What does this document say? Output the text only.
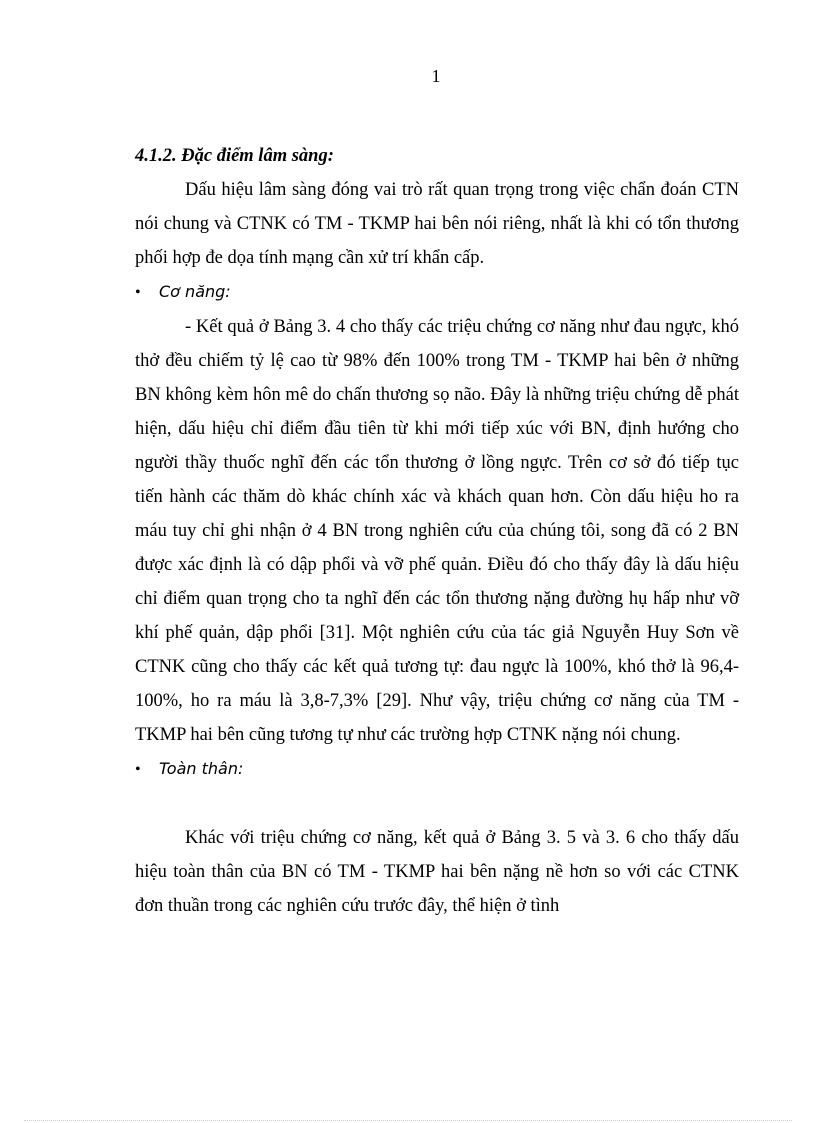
1
4.1.2. Đặc điểm lâm sàng:

Dấu hiệu lâm sàng đóng vai trò rất quan trọng trong việc chẩn đoán CTN nói chung và CTNK có TM - TKMP hai bên nói riêng, nhất là khi có tổn thương phối hợp đe dọa tính mạng cần xử trí khẩn cấp.

•	Cơ năng:

- Kết quả ở Bảng 3. 4 cho thấy các triệu chứng cơ năng như đau ngực, khó thở đều chiếm tỷ lệ cao từ 98% đến 100% trong TM - TKMP hai bên ở những BN không kèm hôn mê do chấn thương sọ não. Đây là những triệu chứng dễ phát hiện, dấu hiệu chỉ điểm đầu tiên từ khi mới tiếp xúc với BN, định hướng cho người thầy thuốc nghĩ đến các tổn thương ở lồng ngực. Trên cơ sở đó tiếp tục tiến hành các thăm dò khác chính xác và khách quan hơn. Còn dấu hiệu ho ra máu tuy chỉ ghi nhận ở 4 BN trong nghiên cứu của chúng tôi, song đã có 2 BN được xác định là có dập phổi và vỡ phế quản. Điều đó cho thấy đây là dấu hiệu chỉ điểm quan trọng cho ta nghĩ đến các tổn thương nặng đường hụ hấp như vỡ khí phế quản, dập phổi [31]. Một nghiên cứu của tác giả Nguyễn Huy Sơn về CTNK cũng cho thấy các kết quả tương tự: đau ngực là 100%, khó thở là 96,4-100%, ho ra máu là 3,8-7,3% [29]. Như vậy, triệu chứng cơ năng của TM - TKMP hai bên cũng tương tự như các trường hợp CTNK nặng nói chung.

•	Toàn thân:

Khác với triệu chứng cơ năng, kết quả ở Bảng 3. 5 và 3. 6 cho thấy dấu hiệu toàn thân của BN có TM - TKMP hai bên nặng nề hơn so với các CTNK đơn thuần trong các nghiên cứu trước đây, thể hiện ở tình
